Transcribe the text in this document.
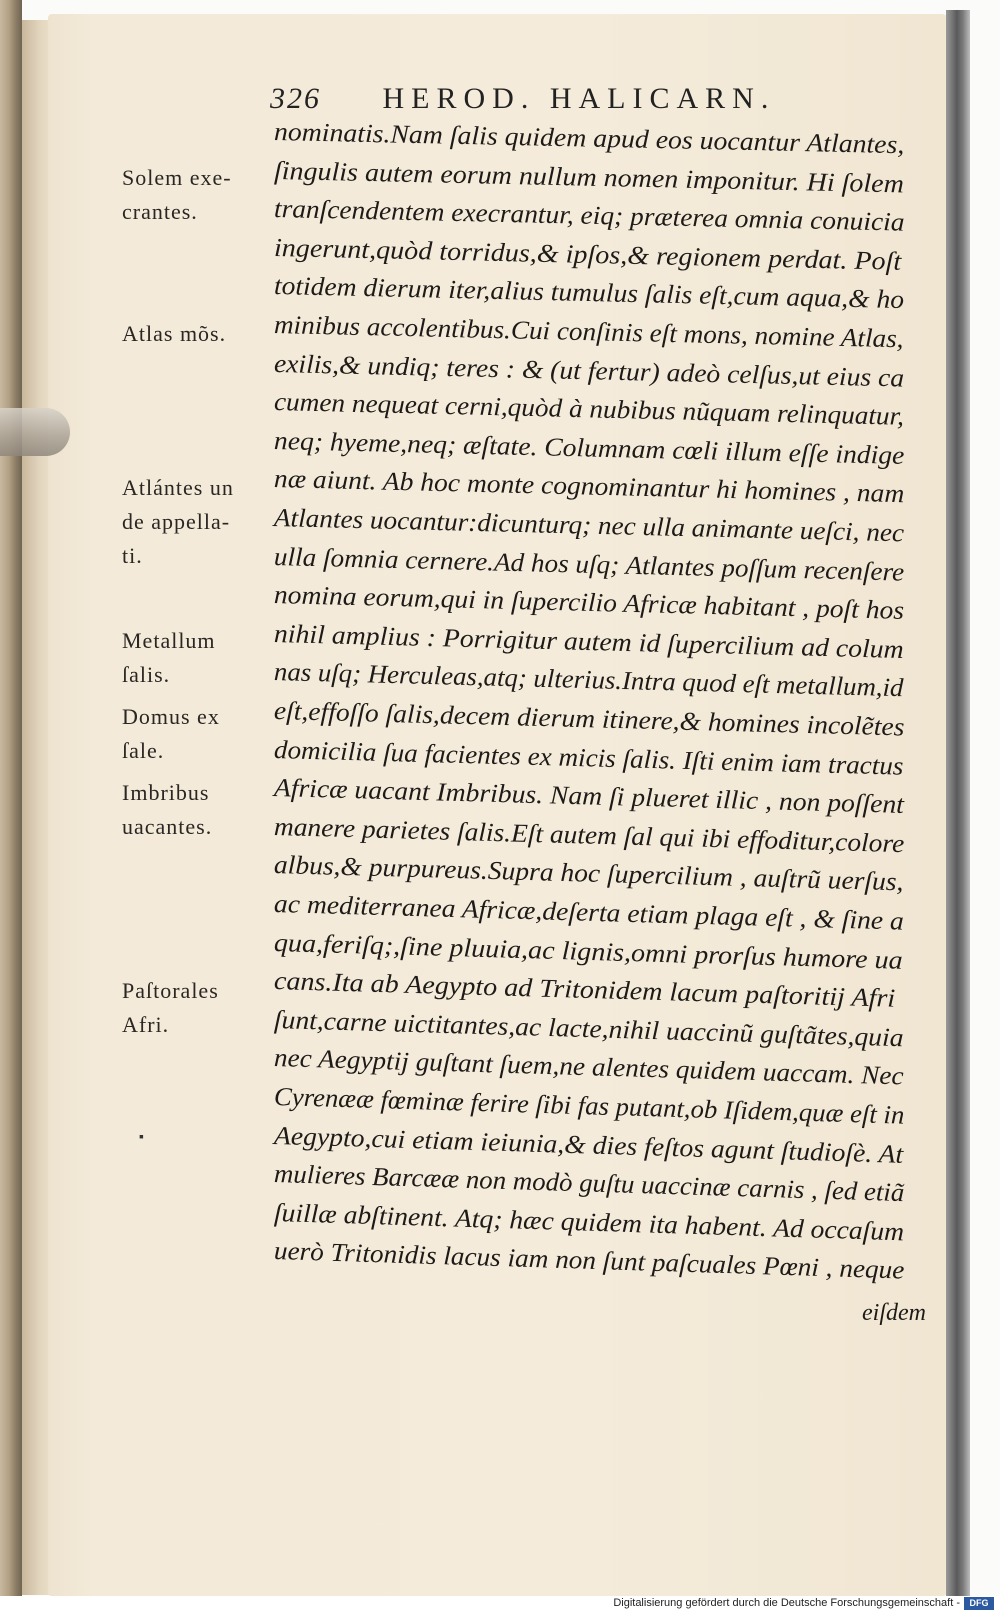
326 HEROD. HALICARN.
nominatis.Nam ſalis quidem apud eos uocantur Atlantes,
ſingulis autem eorum nullum nomen imponitur. Hi ſolem
tranſcendentem execrantur, eiq; præterea omnia conuicia
ingerunt,quòd torridus,& ipſos,& regionem perdat. Poſt
totidem dierum iter,alius tumulus ſalis eſt,cum aqua,& ho
minibus accolentibus.Cui conſinis eſt mons, nomine Atlas,
exilis,& undiq; teres : & (ut fertur) adeò celſus,ut eius ca
cumen nequeat cerni,quòd à nubibus nũquam relinquatur,
neq; hyeme,neq; æſtate. Columnam cœli illum eſſe indige
næ aiunt. Ab hoc monte cognominantur hi homines , nam
Atlantes uocantur:dicunturq; nec ulla animante ueſci, nec
ulla ſomnia cernere.Ad hos uſq; Atlantes poſſum recenſere
nomina eorum,qui in ſupercilio Africæ habitant , poſt hos
nihil amplius : Porrigitur autem id ſupercilium ad colum
nas uſq; Herculeas,atq; ulterius.Intra quod eſt metallum,id
eſt,effoſſo ſalis,decem dierum itinere,& homines incolẽtes
domicilia ſua facientes ex micis ſalis. Iſti enim iam tractus
Africæ uacant Imbribus. Nam ſi plueret illic , non poſſent
manere parietes ſalis.Eſt autem ſal qui ibi effoditur,colore
albus,& purpureus.Supra hoc ſupercilium , auſtrũ uerſus,
ac mediterranea Africæ,deſerta etiam plaga eſt , & ſine a
qua,feriſq;,ſine pluuia,ac lignis,omni prorſus humore ua
cans.Ita ab Aegypto ad Tritonidem lacum paſtoritij Afri
ſunt,carne uictitantes,ac lacte,nihil uaccinũ guſtãtes,quia
nec Aegyptij guſtant ſuem,ne alentes quidem uaccam. Nec
Cyrenææ fœminæ ferire ſibi fas putant,ob Iſidem,quæ eſt in
Aegypto,cui etiam ieiunia,& dies feſtos agunt ſtudioſè. At
mulieres Barcææ non modò guſtu uaccinæ carnis , ſed etiã
ſuillæ abſtinent. Atq; hæc quidem ita habent. Ad occaſum
uerò Tritonidis lacus iam non ſunt paſcuales Pœni , neque
Solem exe-
crantes.
Atlas mõs.
Atlántes un
de appella-
ti.
Metallum
ſalis.
Domus ex
ſale.
Imbribus
uacantes.
Paſtorales
Afri.
▪
eiſdem
Digitalisierung gefördert durch die Deutsche Forschungsgemeinschaft -	DFG
